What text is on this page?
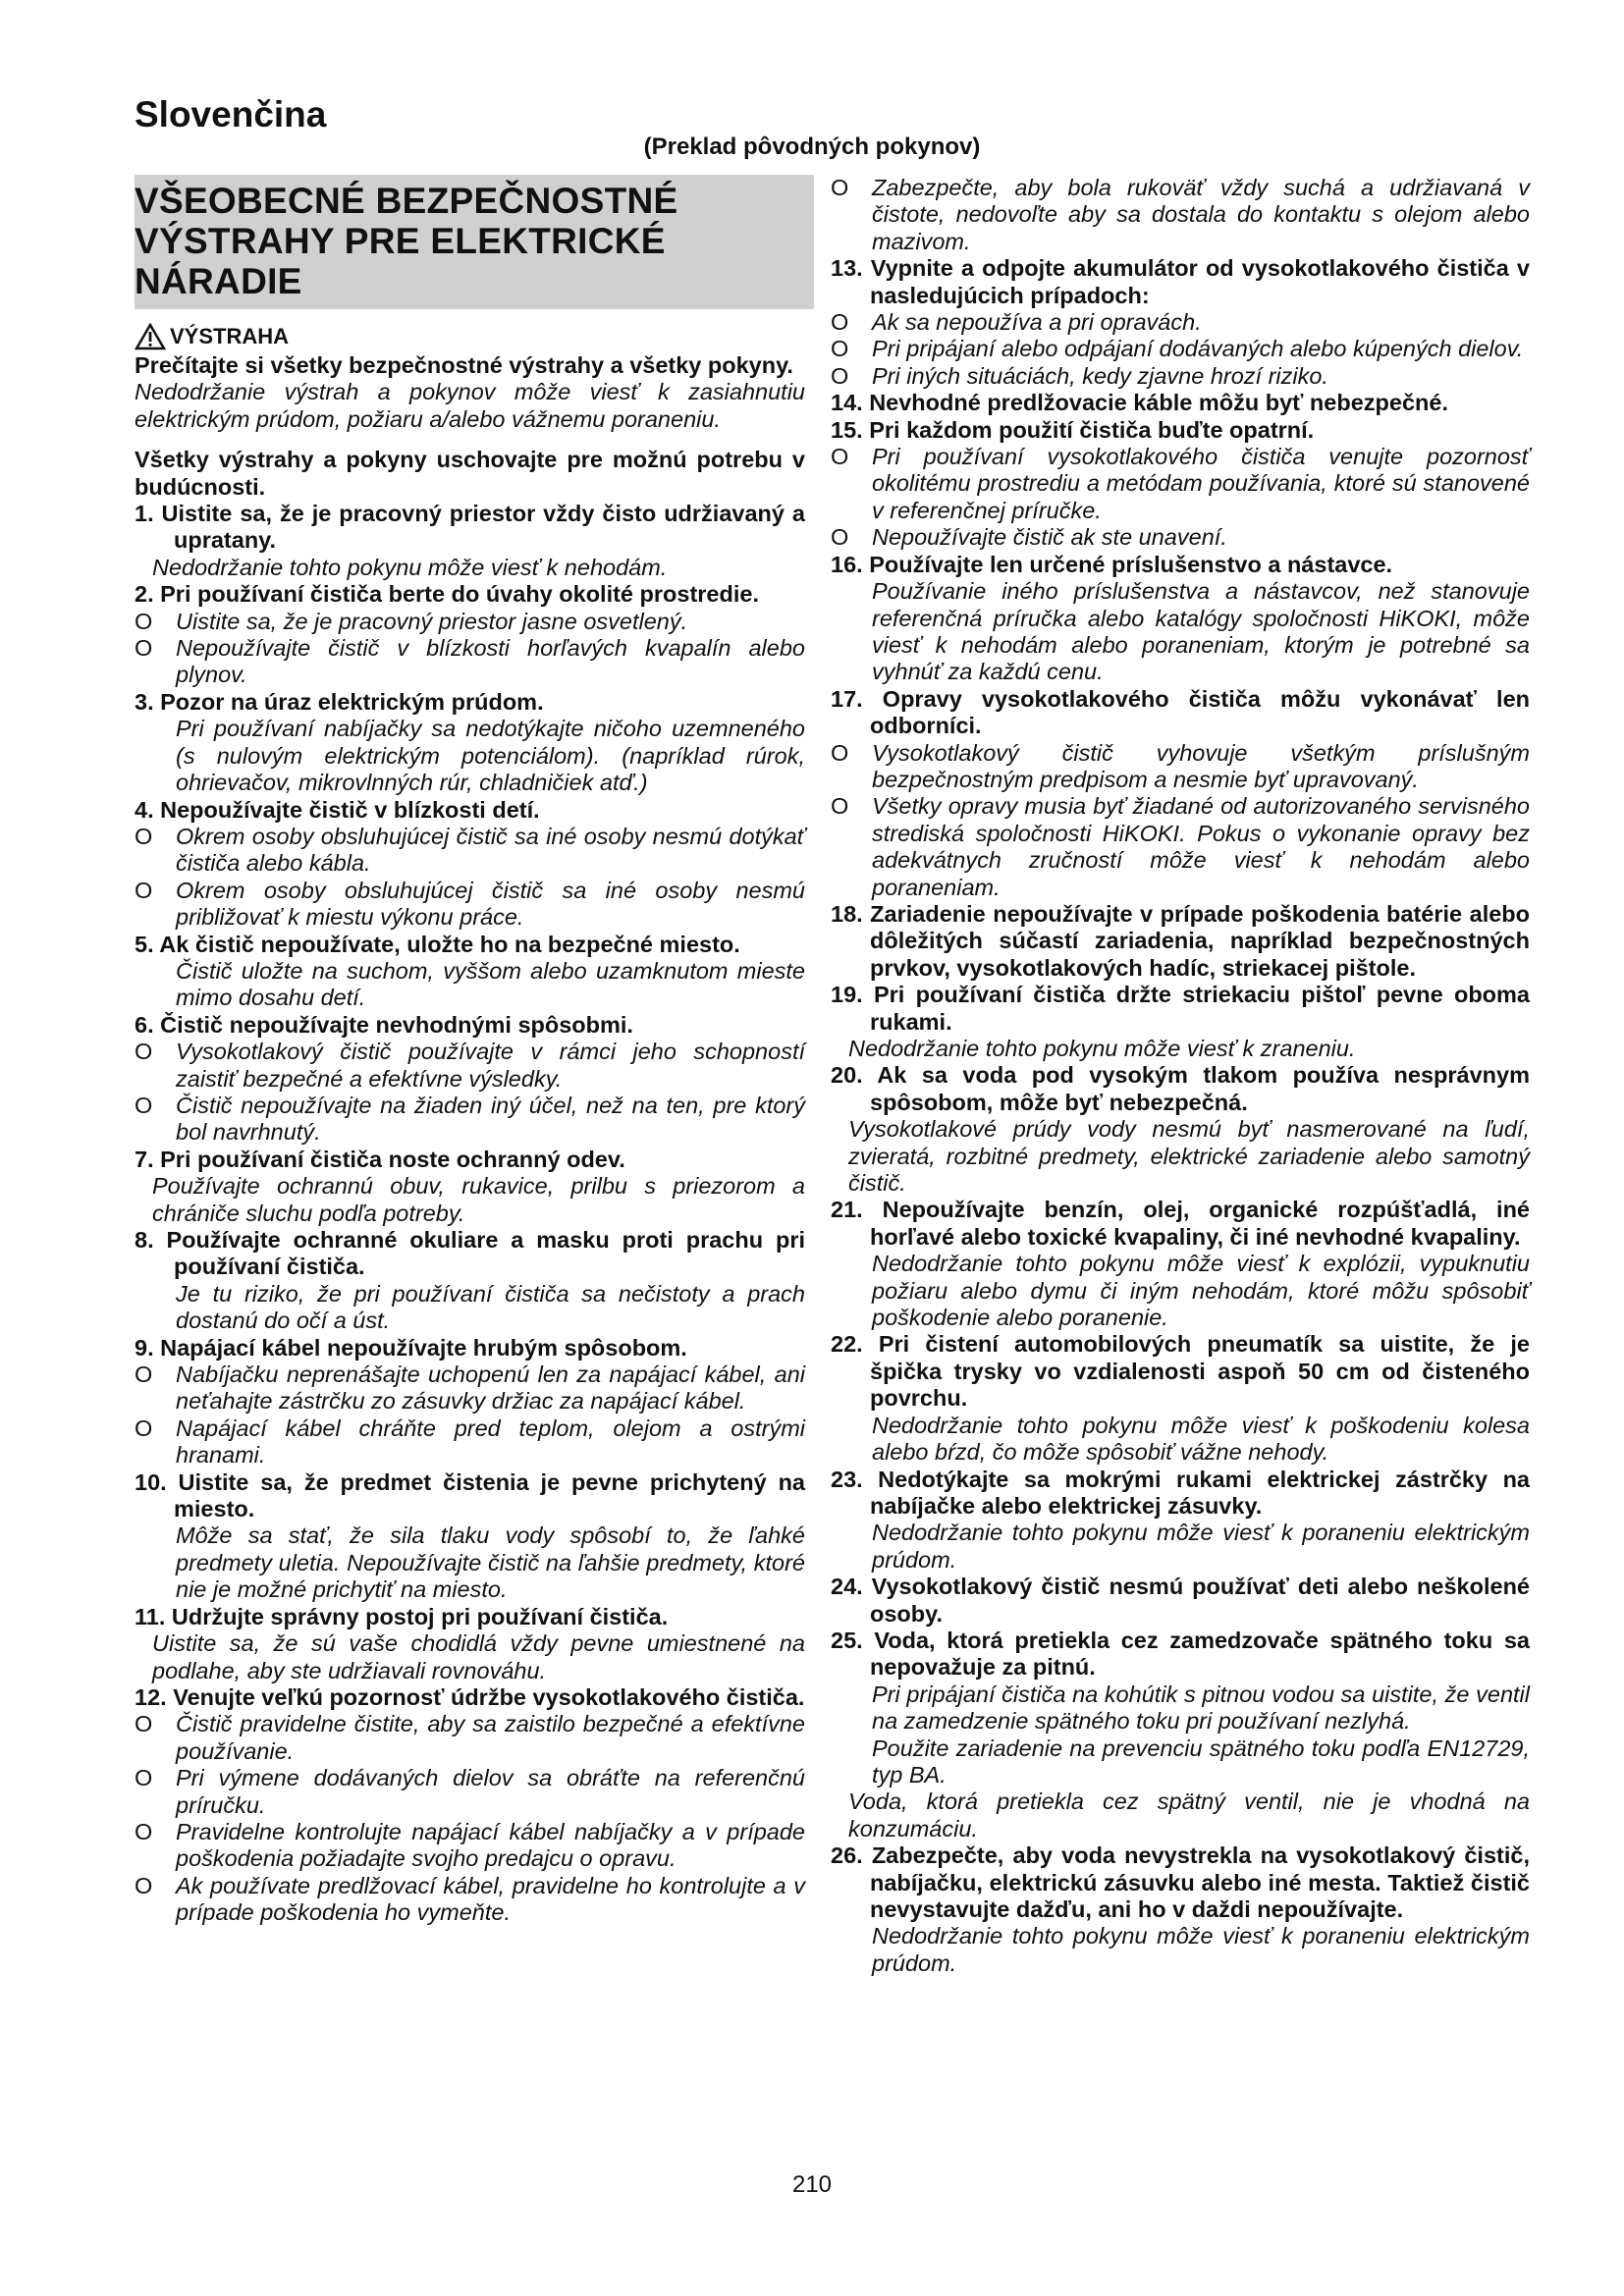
Slovenčina
(Preklad pôvodných pokynov)
VŠEOBECNÉ BEZPEČNOSTNÉ
VÝSTRAHY PRE ELEKTRICKÉ
NÁRADIE
VÝSTRAHA
Prečítajte si všetky bezpečnostné výstrahy a všetky pokyny.
Nedodržanie výstrah a pokynov môže viesť k zasiahnutiu elektrickým prúdom, požiaru a/alebo vážnemu poraneniu.
Všetky výstrahy a pokyny uschovajte pre možnú potrebu v budúcnosti.
1. Uistite sa, že je pracovný priestor vždy čisto udržiavaný a upratany.
Nedodržanie tohto pokynu môže viesť k nehodám.
2. Pri používaní čističa berte do úvahy okolité prostredie.
O	Uistite sa, že je pracovný priestor jasne osvetlený.
O	Nepoužívajte čistič v blízkosti horľavých kvapalín alebo plynov.
3. Pozor na úraz elektrickým prúdom.
Pri používaní nabíjačky sa nedotýkajte ničoho uzemneného (s nulovým elektrickým potenciálom). (napríklad rúrok, ohrievačov, mikrovlnných rúr, chladničiek atď.)
4. Nepoužívajte čistič v blízkosti detí.
O	Okrem osoby obsluhujúcej čistič sa iné osoby nesmú dotýkať čističa alebo kábla.
O	Okrem osoby obsluhujúcej čistič sa iné osoby nesmú približovať k miestu výkonu práce.
5. Ak čistič nepoužívate, uložte ho na bezpečné miesto.
Čistič uložte na suchom, vyššom alebo uzamknutom mieste mimo dosahu detí.
6. Čistič nepoužívajte nevhodnými spôsobmi.
O	Vysokotlakový čistič používajte v rámci jeho schopností zaistiť bezpečné a efektívne výsledky.
O	Čistič nepoužívajte na žiaden iný účel, než na ten, pre ktorý bol navrhnutý.
7. Pri používaní čističa noste ochranný odev.
Používajte ochrannú obuv, rukavice, prilbu s priezorom a chrániče sluchu podľa potreby.
8. Používajte ochranné okuliare a masku proti prachu pri používaní čističa.
Je tu riziko, že pri používaní čističa sa nečistoty a prach dostanú do očí a úst.
9. Napájací kábel nepoužívajte hrubým spôsobom.
O	Nabíjačku neprenášajte uchopenú len za napájací kábel, ani neťahajte zástrčku zo zásuvky držiac za napájací kábel.
O	Napájací kábel chráňte pred teplom, olejom a ostrými hranami.
10. Uistite sa, že predmet čistenia je pevne prichytený na miesto.
Môže sa stať, že sila tlaku vody spôsobí to, že ľahké predmety uletia. Nepoužívajte čistič na ľahšie predmety, ktoré nie je možné prichytiť na miesto.
11. Udržujte správny postoj pri používaní čističa.
Uistite sa, že sú vaše chodidlá vždy pevne umiestnené na podlahe, aby ste udržiavali rovnováhu.
12. Venujte veľkú pozornosť údržbe vysokotlakového čističa.
O	Čistič pravidelne čistite, aby sa zaistilo bezpečné a efektívne používanie.
O	Pri výmene dodávaných dielov sa obráťte na referenčnú príručku.
O	Pravidelne kontrolujte napájací kábel nabíjačky a v prípade poškodenia požiadajte svojho predajcu o opravu.
O	Ak používate predlžovací kábel, pravidelne ho kontrolujte a v prípade poškodenia ho vymeňte.
O	Zabezpečte, aby bola rukoväť vždy suchá a udržiavaná v čistote, nedovoľte aby sa dostala do kontaktu s olejom alebo mazivom.
13. Vypnite a odpojte akumulátor od vysokotlakového čističa v nasledujúcich prípadoch:
O	Ak sa nepoužíva a pri opravách.
O	Pri pripájaní alebo odpájaní dodávaných alebo kúpených dielov.
O	Pri iných situáciách, kedy zjavne hrozí riziko.
14. Nevhodné predlžovacie káble môžu byť nebezpečné.
15. Pri každom použití čističa buďte opatrní.
O	Pri používaní vysokotlakového čističa venujte pozornosť okolitému prostrediu a metódam používania, ktoré sú stanovené v referenčnej príručke.
O	Nepoužívajte čistič ak ste unavení.
16. Používajte len určené príslušenstvo a nástavce.
Používanie iného príslušenstva a nástavcov, než stanovuje referenčná príručka alebo katalógy spoločnosti HiKOKI, môže viesť k nehodám alebo poraneniam, ktorým je potrebné sa vyhnúť za každú cenu.
17. Opravy vysokotlakového čističa môžu vykonávať len odborníci.
O	Vysokotlakový čistič vyhovuje všetkým príslušným bezpečnostným predpisom a nesmie byť upravovaný.
O	Všetky opravy musia byť žiadané od autorizovaného servisného strediská spoločnosti HiKOKI. Pokus o vykonanie opravy bez adekvátnych zručností môže viesť k nehodám alebo poraneniam.
18. Zariadenie nepoužívajte v prípade poškodenia batérie alebo dôležitých súčastí zariadenia, napríklad bezpečnostných prvkov, vysokotlakových hadíc, striekacej pištole.
19. Pri používaní čističa držte striekaciu pištoľ pevne oboma rukami.
Nedodržanie tohto pokynu môže viesť k zraneniu.
20. Ak sa voda pod vysokým tlakom používa nesprávnym spôsobom, môže byť nebezpečná.
Vysokotlakové prúdy vody nesmú byť nasmerované na ľudí, zvieratá, rozbitné predmety, elektrické zariadenie alebo samotný čistič.
21. Nepoužívajte benzín, olej, organické rozpúšťadlá, iné horľavé alebo toxické kvapaliny, či iné nevhodné kvapaliny.
Nedodržanie tohto pokynu môže viesť k explózii, vypuknutiu požiaru alebo dymu či iným nehodám, ktoré môžu spôsobiť poškodenie alebo poranenie.
22. Pri čistení automobilových pneumatík sa uistite, že je špička trysky vo vzdialenosti aspoň 50 cm od čisteného povrchu.
Nedodržanie tohto pokynu môže viesť k poškodeniu kolesa alebo bŕzd, čo môže spôsobiť vážne nehody.
23. Nedotýkajte sa mokrými rukami elektrickej zástrčky na nabíjačke alebo elektrickej zásuvky.
Nedodržanie tohto pokynu môže viesť k poraneniu elektrickým prúdom.
24. Vysokotlakový čistič nesmú používať deti alebo neškolené osoby.
25. Voda, ktorá pretiekla cez zamedzovače spätného toku sa nepovažuje za pitnú.
Pri pripájaní čističa na kohútik s pitnou vodou sa uistite, že ventil na zamedzenie spätného toku pri používaní nezlyhá.
Použite zariadenie na prevenciu spätného toku podľa EN12729, typ BA.
Voda, ktorá pretiekla cez spätný ventil, nie je vhodná na konzumáciu.
26. Zabezpečte, aby voda nevystrekla na vysokotlakový čistič, nabíjačku, elektrickú zásuvku alebo iné mesta. Taktiež čistič nevystavujte dažďu, ani ho v daždi nepoužívajte.
Nedodržanie tohto pokynu môže viesť k poraneniu elektrickým prúdom.
210
